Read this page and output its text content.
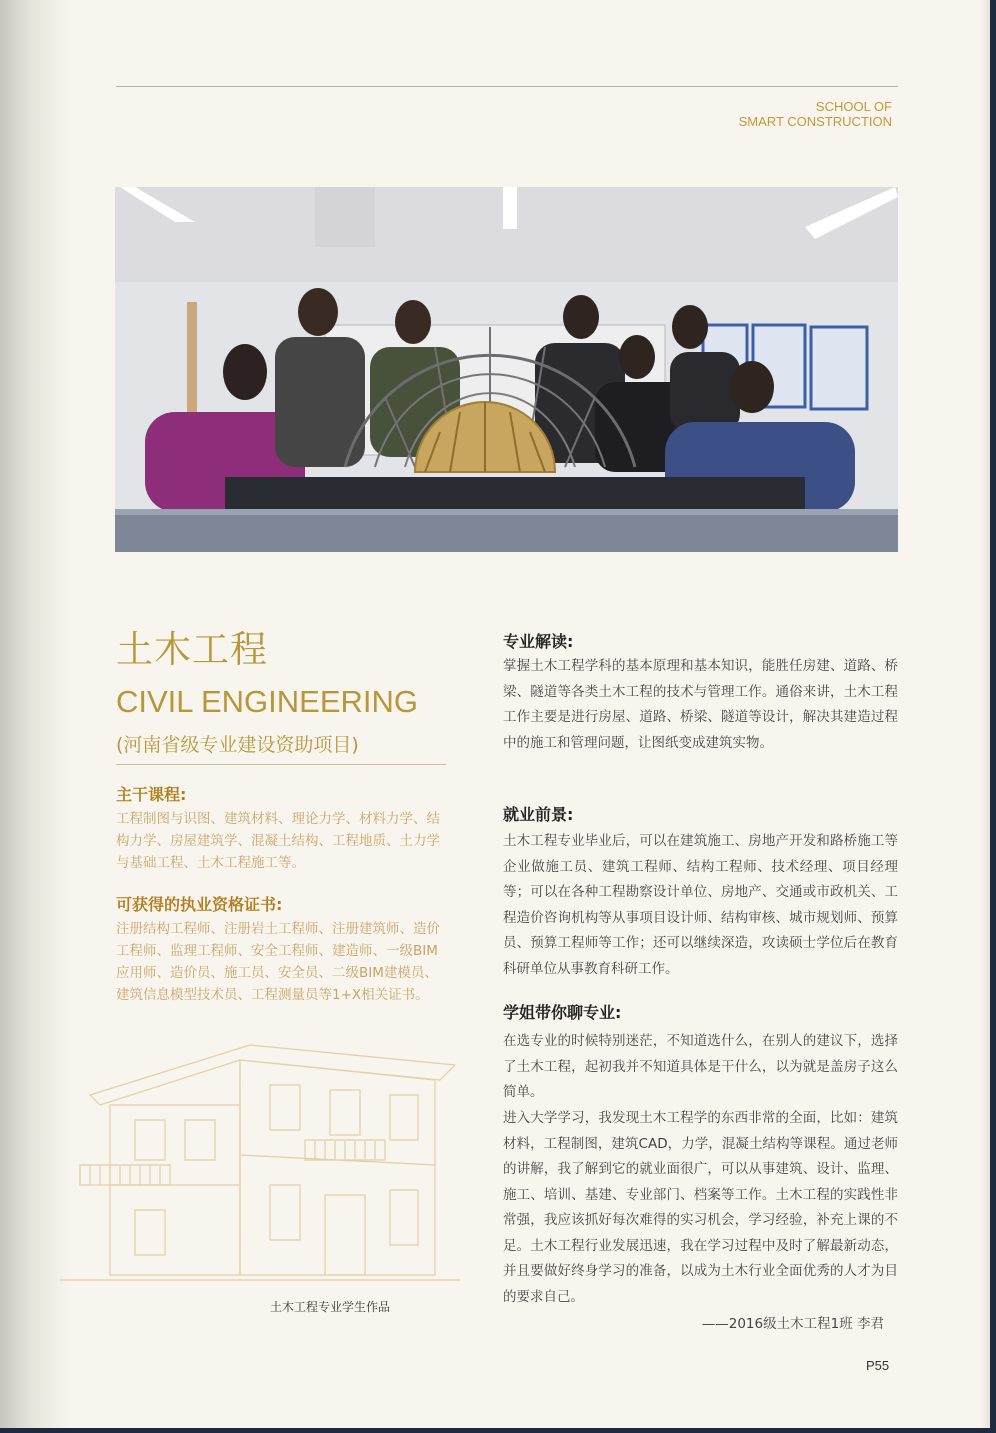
SCHOOL OF
SMART CONSTRUCTION
土木工程
CIVIL ENGINEERING
(河南省级专业建设资助项目)
主干课程:
工程制图与识图、建筑材料、理论力学、材料力学、结构力学、房屋建筑学、混凝土结构、工程地质、土力学与基础工程、土木工程施工等。
可获得的执业资格证书:
注册结构工程师、注册岩土工程师、注册建筑师、造价工程师、监理工程师、安全工程师、建造师、一级BIM应用师、造价员、施工员、安全员、二级BIM建模员、建筑信息模型技术员、工程测量员等1+X相关证书。
土木工程专业学生作品
专业解读:
掌握土木工程学科的基本原理和基本知识，能胜任房建、道路、桥梁、隧道等各类土木工程的技术与管理工作。通俗来讲，土木工程工作主要是进行房屋、道路、桥梁、隧道等设计，解决其建造过程中的施工和管理问题，让图纸变成建筑实物。
就业前景:
土木工程专业毕业后，可以在建筑施工、房地产开发和路桥施工等企业做施工员、建筑工程师、结构工程师、技术经理、项目经理等；可以在各种工程勘察设计单位、房地产、交通或市政机关、工程造价咨询机构等从事项目设计师、结构审核、城市规划师、预算员、预算工程师等工作；还可以继续深造，攻读硕士学位后在教育科研单位从事教育科研工作。
学姐带你聊专业:
在选专业的时候特别迷茫，不知道选什么，在别人的建议下，选择了土木工程，起初我并不知道具体是干什么，以为就是盖房子这么简单。
进入大学学习，我发现土木工程学的东西非常的全面，比如：建筑材料，工程制图，建筑CAD，力学，混凝土结构等课程。通过老师的讲解，我了解到它的就业面很广，可以从事建筑、设计、监理、施工、培训、基建、专业部门、档案等工作。土木工程的实践性非常强，我应该抓好每次难得的实习机会，学习经验，补充上课的不足。土木工程行业发展迅速，我在学习过程中及时了解最新动态，并且要做好终身学习的准备，以成为土木行业全面优秀的人才为目的要求自己。
——2016级土木工程1班 李君
P55
